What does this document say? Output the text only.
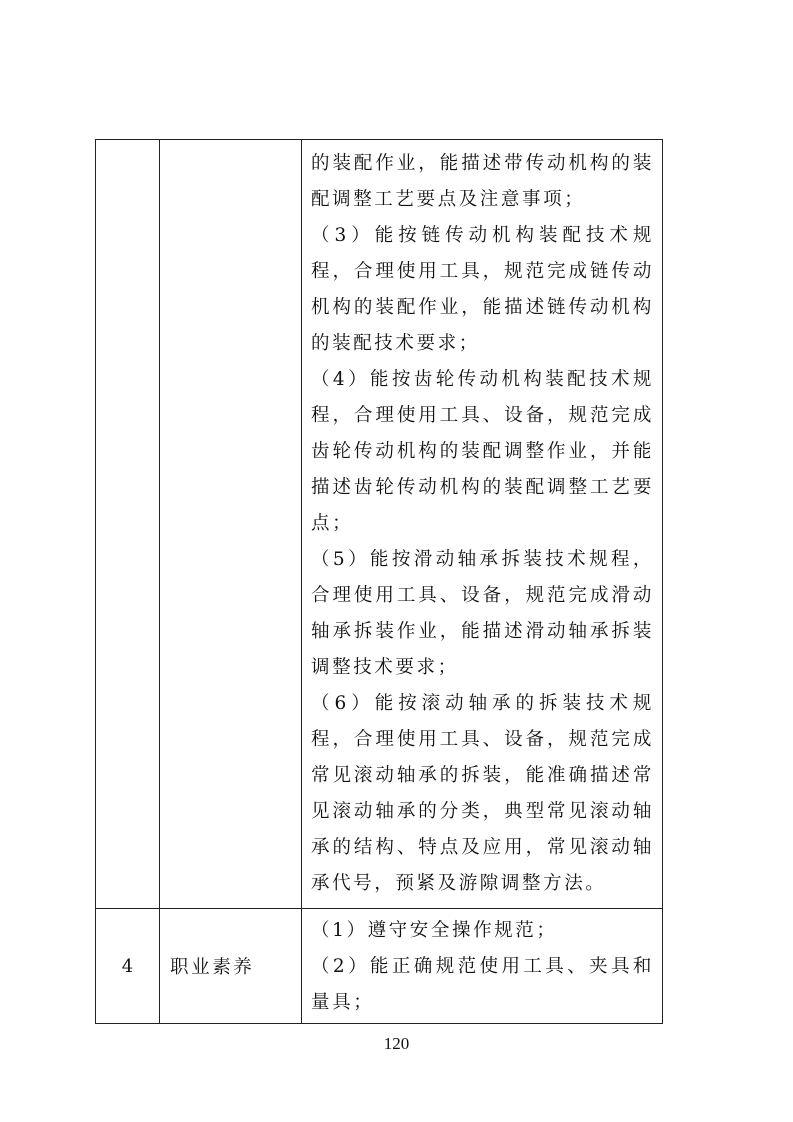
		的装配作业，能描述带传动机构的装配调整工艺要点及注意事项；
（3）能按链传动机构装配技术规程，合理使用工具，规范完成链传动机构的装配作业，能描述链传动机构的装配技术要求；
（4）能按齿轮传动机构装配技术规程，合理使用工具、设备，规范完成齿轮传动机构的装配调整作业，并能描述齿轮传动机构的装配调整工艺要点；
（5）能按滑动轴承拆装技术规程，合理使用工具、设备，规范完成滑动轴承拆装作业，能描述滑动轴承拆装调整技术要求；
（6）能按滚动轴承的拆装技术规程，合理使用工具、设备，规范完成常见滚动轴承的拆装，能准确描述常见滚动轴承的分类，典型常见滚动轴承的结构、特点及应用，常见滚动轴承代号，预紧及游隙调整方法。

4	职业素养	（1）遵守安全操作规范；
（2）能正确规范使用工具、夹具和量具；
120
